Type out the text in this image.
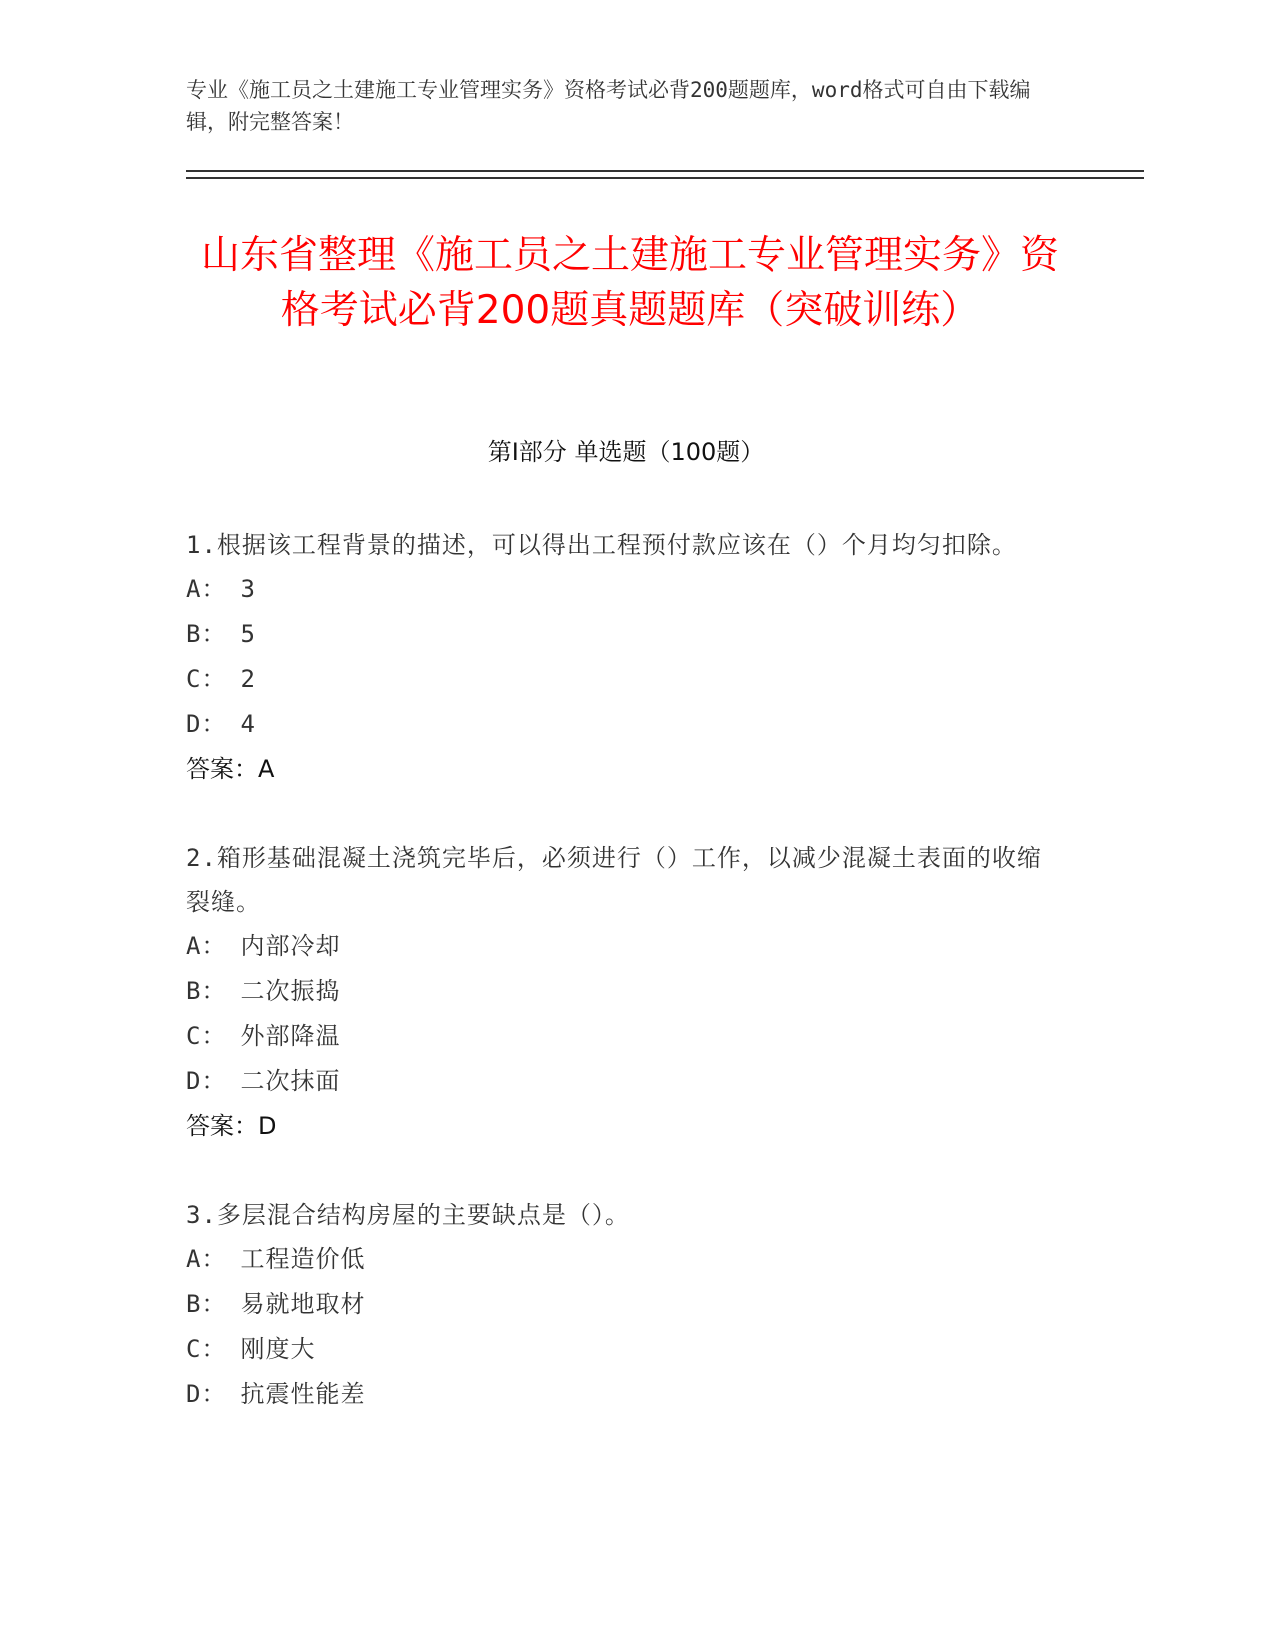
专业《施工员之土建施工专业管理实务》资格考试必背200题题库，word格式可自由下载编辑，附完整答案！
山东省整理《施工员之土建施工专业管理实务》资格考试必背200题真题题库（突破训练）
第Ⅰ部分 单选题（100题）
1.根据该工程背景的描述，可以得出工程预付款应该在（）个月均匀扣除。
A： 3
B： 5
C： 2
D： 4
答案：A
2.箱形基础混凝土浇筑完毕后，必须进行（）工作，以减少混凝土表面的收缩裂缝。
A： 内部冷却
B： 二次振捣
C： 外部降温
D： 二次抹面
答案：D
3.多层混合结构房屋的主要缺点是（）。
A： 工程造价低
B： 易就地取材
C： 刚度大
D： 抗震性能差
